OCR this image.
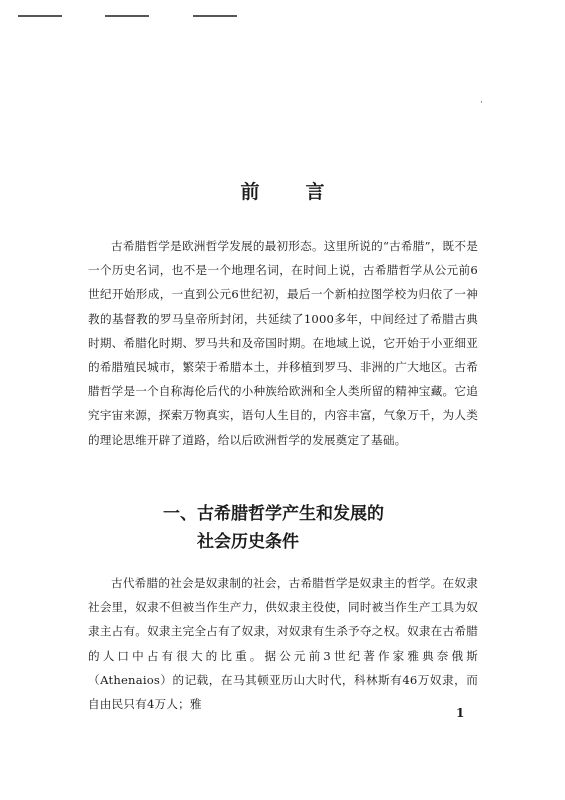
·
前言

古希腊哲学是欧洲哲学发展的最初形态。这里所说的“古希腊”，既不是一个历史名词，也不是一个地理名词，在时间上说，古希腊哲学从公元前6世纪开始形成，一直到公元6世纪初，最后一个新柏拉图学校为归依了一神教的基督教的罗马皇帝所封闭，共延续了1000多年，中间经过了希腊古典时期、希腊化时期、罗马共和及帝国时期。在地域上说，它开始于小亚细亚的希腊殖民城市，繁荣于希腊本土，并移植到罗马、非洲的广大地区。古希腊哲学是一个自称海伦后代的小种族给欧洲和全人类所留的精神宝藏。它追究宇宙来源，探索万物真实，语句人生目的，内容丰富，气象万千，为人类的理论思维开辟了道路，给以后欧洲哲学的发展奠定了基础。

一、古希腊哲学产生和发展的
社会历史条件

古代希腊的社会是奴隶制的社会，古希腊哲学是奴隶主的哲学。在奴隶社会里，奴隶不但被当作生产力，供奴隶主役使，同时被当作生产工具为奴隶主占有。奴隶主完全占有了奴隶，对奴隶有生杀予夺之权。奴隶在古希腊的人口中占有很大的比重。据公元前3世纪著作家雅典奈俄斯（Athenaios）的记载，在马其顿亚历山大时代，科林斯有46万奴隶，而自由民只有4万人；雅

1
